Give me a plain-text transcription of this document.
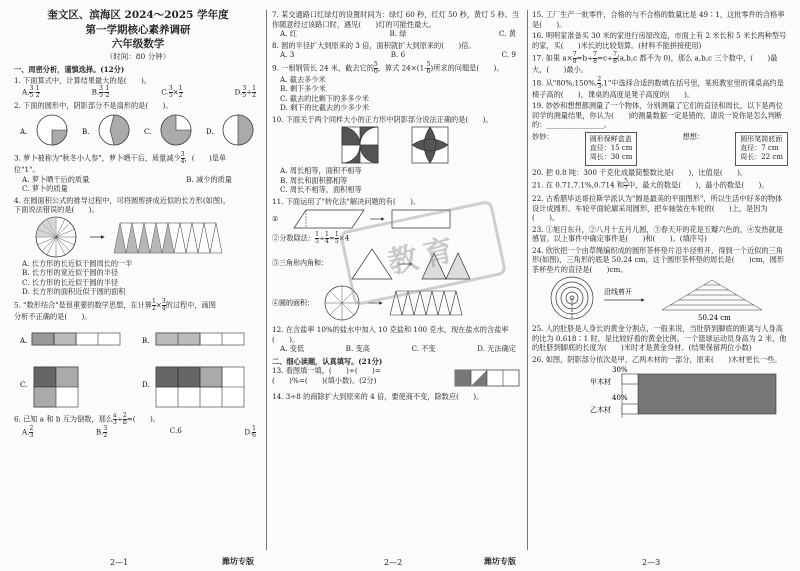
奎文区、滨海区 2024～2025 学年度
第一学期核心素养调研
六年级数学
（时间：80 分钟）
一、周密分析，谨慎选择。(12分)
1. 下面算式中，计算结果最大的是(　　)。
A. $\frac{3}{5} - \frac{1}{2}$	B. $\frac{3}{5} - \frac{1}{2}$	C. $\frac{3}{5} \times \frac{1}{2}$	D. $\frac{3}{5} \div \frac{1}{2}$
2. 下面的圆形中，阴影部分不是扇形的是(　　)。
A.	B.	C.	D.
3. 萝卜被称为"秋冬小人参"，萝卜晒干后，质量减少 $\frac{3}{4}$ ，(　　)是单
位"1"。
A. 萝卜晒干后的质量	B. 减少的质量
C. 萝卜的质量
4. 在圆面积公式的推导过程中，可将圆剪拼成近似的长方形(如图)，
下面说法错误的是(　　)。
A. 长方形的长近似于圆周长的一半
B. 长方形的宽近似于圆的半径
C. 长方形的长近似于圆的半径
D. 长方形的面积近似于圆的面积
5. "数形结合"是很重要的数学思想，在计算 $\frac{1}{2} \times \frac{3}{4}$ 的过程中，画图
分析不正确的是(　　)。
A.	B.
C.	D.
6. 已知 a 和 b 互为倒数，那么 $\frac{a}{3} \div \frac{2}{b}$ =(　　)。
A. $\frac{2}{3}$	B. $\frac{3}{2}$	C.6	D. $\frac{1}{6}$
7. 某交通路口红绿灯的设置时间为：绿灯 60 秒，红灯 50 秒，黄灯 5 秒。当你随意经过该路口时，遇见(　　)灯的可能性最大。
A. 红	B. 绿	C. 黄
8. 圆的半径扩大到原来的 3 倍，面积就扩大到原来的(　　)倍。
A. 3	B. 6	C. 9
9. 一根钢管长 24 米，截去它的 $\frac{5}{6}$ ，算式 $24\times(1- \frac{5}{6}$ )所求的问题是(　　)。
A. 截去多少米
B. 剩下多少米
C. 截去的比剩下的多多少米
D. 剩下的比截去的少多少米
10. 下面关于两个同样大小的正方形中阴影部分说法正确的是(　　)。
A. 周长相等，面积不相等
B. 周长和面积都相等
C. 周长不相等，面积相等
11. 下面运用了"转化法"解决问题的有(　　)。
①
②分数除法： $\frac{1}{5} \div \frac{1}{4} = \frac{1}{5} \times 4$
③三角形内角和：
④圆的面积：
12. 在含盐率 10%的盐水中加入 10 克盐和 100 克水，现在盐水的含盐率(　　)。
A. 变低	B. 变高	C. 不变	D. 无法确定
二、细心读题，认真填写。(21分)
13. 看图填一填。(　　)÷(　　)=
(　　)%=(　　)(填小数)。(2分)
14. 3÷8 的商除扩大到原来的 4 倍，要使商不变，除数应(　　)。
15. 工厂生产一批零件，合格的与不合格的数量比是 49∶1，这批零件的合格率是(　　)。
16. 明明家准备买 30 米的家进行房屋改造，市面上有 2 米长和 5 米长两种型号的家，买(　　)米长的比较划算。(材料不能拼接使用)
17. 如果 $a\times \frac{7}{8} =b\div \frac{7}{8} =c\div \frac{7}{8} (a,b,c$ 都不为 0)，那么 a,b,c 三个数中，(　　)最大，(　　)最小。
18. 从"80%,150%, $\frac{2}{3} ,1$"中选择合适的数填在括号里，某班教室里的课桌高约是椅子高的(　　)，课桌的高度是凳子高度的(　　)。
19. 妙妙和想想都测量了一个物体，分别测量了它们的直径和周长，以下是两位同学的测量结果，你认为(　　)的测量数据一定是错的，请说一说你是怎么判断的：________________。
妙妙：	圆形保鲜盒盖
直径：15 cm
周长：30 cm
想想：	圆形笔筒底面
直径：7 cm
周长：22 cm
20. 把 0.8 吨：300 千克化成最简整数比是(　　)，比值是(　　)。
21. 在 0.71,7.1%,0.714 和 $\frac{5}{7}$ 中，最大的数是(　　)，最小的数是(　　)。
22. 古希腊毕达哥拉斯学派认为"圆是最美的平面图形"，所以生活中好多的物体设计成圆形。车轮平面轮廓采用圆形，把车轴装在车轮的(　　)上，是因为(　　)。
23. ①旭日东升，②八月十五月儿圆，③春天开的花是五瓣六色的，④发热就是感冒。以上事件中确定事件是(　　)和(　　)。(填序号)
24. 欣欣把一个由草绳编织成的圆形茶杯垫片沿半径剪开，得到一个近似的三角形(如图)，三角形的底是 50.24 cm，这个圆形茶杯垫的周长是(　　)cm，圆形茶杯垫片的直径是(　　)cm。
沿线剪开
50.24 cm
25. 人的肚脐是人身长的黄金分割点，一般来说，当肚脐到脚底的距离与人身高的比为 0.618∶1 时，是比较好看的黄金比例。一个篮球运动员身高为 2 米，他的肚脐到脚底的长度为(　　)米时才是黄金身材。(结果保留两位小数)
26. 如图，阴影部分依次是甲、乙两木材的一部分，原来(　　)木材更长一些。
30%
甲木材
40%
乙木材
教育
2—1	潍坊专版	2—2	潍坊专版	2—3
